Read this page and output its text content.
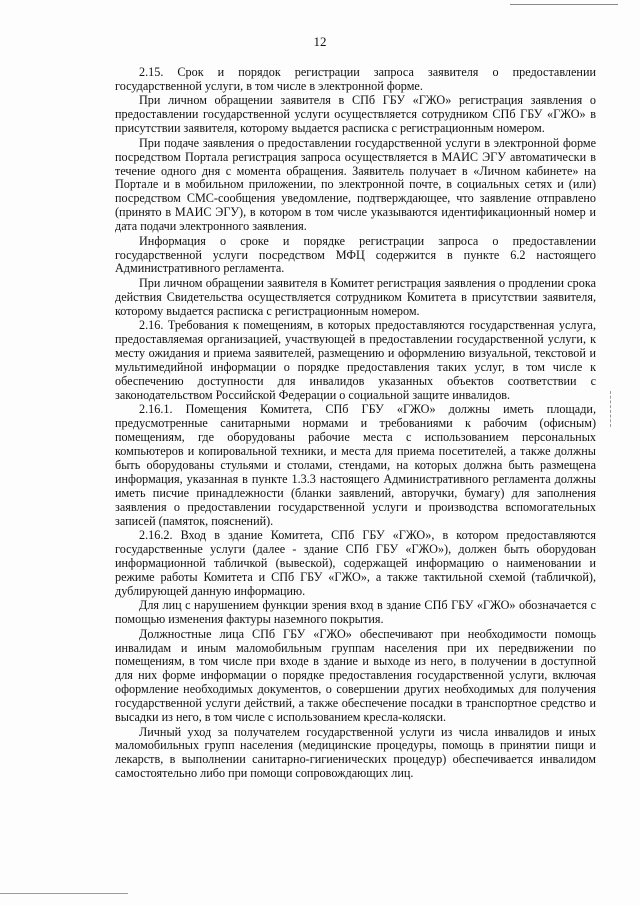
12

2.15. Срок и порядок регистрации запроса заявителя о предоставлении государственной услуги, в том числе в электронной форме.

При личном обращении заявителя в СПб ГБУ «ГЖО» регистрация заявления о предоставлении государственной услуги осуществляется сотрудником СПб ГБУ «ГЖО» в присутствии заявителя, которому выдается расписка с регистрационным номером.

При подаче заявления о предоставлении государственной услуги в электронной форме посредством Портала регистрация запроса осуществляется в МАИС ЭГУ автоматически в течение одного дня с момента обращения. Заявитель получает в «Личном кабинете» на Портале и в мобильном приложении, по электронной почте, в социальных сетях и (или) посредством СМС-сообщения уведомление, подтверждающее, что заявление отправлено (принято в МАИС ЭГУ), в котором в том числе указываются идентификационный номер и дата подачи электронного заявления.

Информация о сроке и порядке регистрации запроса о предоставлении государственной услуги посредством МФЦ содержится в пункте 6.2 настоящего Административного регламента.

При личном обращении заявителя в Комитет регистрация заявления о продлении срока действия Свидетельства осуществляется сотрудником Комитета в присутствии заявителя, которому выдается расписка с регистрационным номером.

2.16. Требования к помещениям, в которых предоставляются государственная услуга, предоставляемая организацией, участвующей в предоставлении государственной услуги, к месту ожидания и приема заявителей, размещению и оформлению визуальной, текстовой и мультимедийной информации о порядке предоставления таких услуг, в том числе к обеспечению доступности для инвалидов указанных объектов соответствии с законодательством Российской Федерации о социальной защите инвалидов.

2.16.1. Помещения Комитета, СПб ГБУ «ГЖО» должны иметь площади, предусмотренные санитарными нормами и требованиями к рабочим (офисным) помещениям, где оборудованы рабочие места с использованием персональных компьютеров и копировальной техники, и места для приема посетителей, а также должны быть оборудованы стульями и столами, стендами, на которых должна быть размещена информация, указанная в пункте 1.3.3 настоящего Административного регламента должны иметь писчие принадлежности (бланки заявлений, авторучки, бумагу) для заполнения заявления о предоставлении государственной услуги и производства вспомогательных записей (памяток, пояснений).

2.16.2. Вход в здание Комитета, СПб ГБУ «ГЖО», в котором предоставляются государственные услуги (далее - здание СПб ГБУ «ГЖО»), должен быть оборудован информационной табличкой (вывеской), содержащей информацию о наименовании и режиме работы Комитета и СПб ГБУ «ГЖО», а также тактильной схемой (табличкой), дублирующей данную информацию.

Для лиц с нарушением функции зрения вход в здание СПб ГБУ «ГЖО» обозначается с помощью изменения фактуры наземного покрытия.

Должностные лица СПб ГБУ «ГЖО» обеспечивают при необходимости помощь инвалидам и иным маломобильным группам населения при их передвижении по помещениям, в том числе при входе в здание и выходе из него, в получении в доступной для них форме информации о порядке предоставления государственной услуги, включая оформление необходимых документов, о совершении других необходимых для получения государственной услуги действий, а также обеспечение посадки в транспортное средство и высадки из него, в том числе с использованием кресла-коляски.

Личный уход за получателем государственной услуги из числа инвалидов и иных маломобильных групп населения (медицинские процедуры, помощь в принятии пищи и лекарств, в выполнении санитарно-гигиенических процедур) обеспечивается инвалидом самостоятельно либо при помощи сопровождающих лиц.
